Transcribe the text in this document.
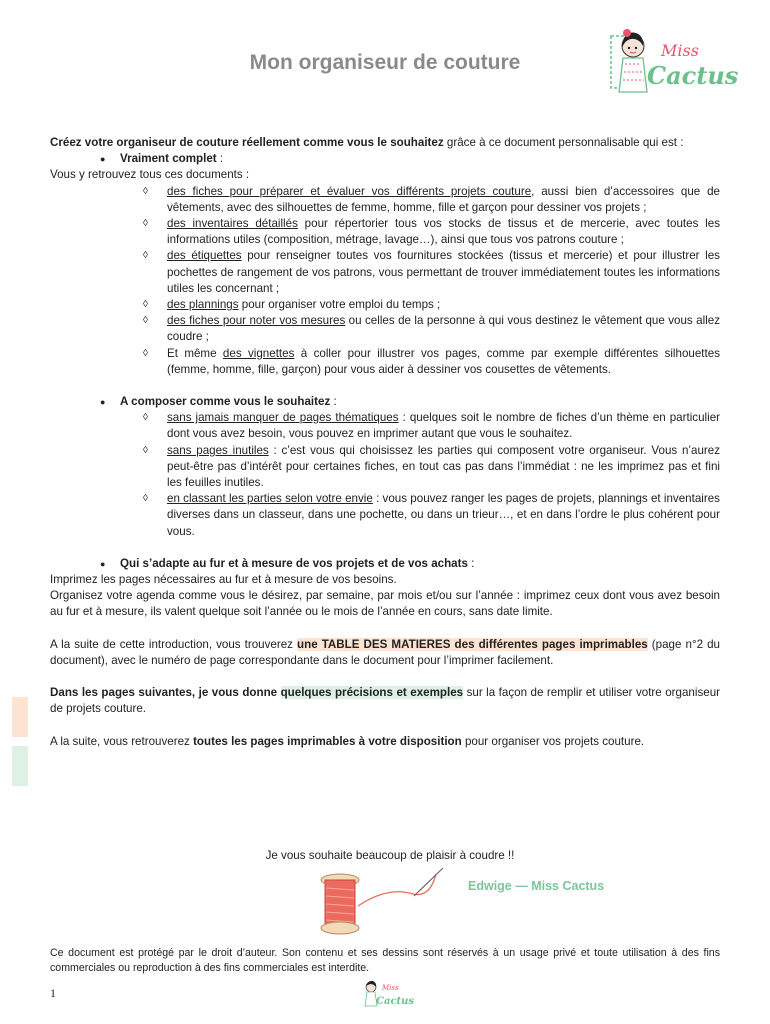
Mon organiseur de couture
Miss
Cactus

Créez votre organiseur de couture réellement comme vous le souhaitez grâce à ce document personnalisable qui est :

● Vraiment complet :

Vous y retrouvez tous ces documents :

◊ des fiches pour préparer et évaluer vos différents projets couture, aussi bien d’accessoires que de vêtements, avec des silhouettes de femme, homme, fille et garçon pour dessiner vos projets ;
◊ des inventaires détaillés pour répertorier tous vos stocks de tissus et de mercerie, avec toutes les informations utiles (composition, métrage, lavage…), ainsi que tous vos patrons couture ;
◊ des étiquettes pour renseigner toutes vos fournitures stockées (tissus et mercerie) et pour illustrer les pochettes de rangement de vos patrons, vous permettant de trouver immédiatement toutes les informations utiles les concernant ;
◊ des plannings pour organiser votre emploi du temps ;
◊ des fiches pour noter vos mesures ou celles de la personne à qui vous destinez le vêtement que vous allez coudre ;
◊ Et même des vignettes à coller pour illustrer vos pages, comme par exemple différentes silhouettes (femme, homme, fille, garçon) pour vous aider à dessiner vos cousettes de vêtements.
● A composer comme vous le souhaitez :
◊ sans jamais manquer de pages thématiques : quelques soit le nombre de fiches d’un thème en particulier dont vous avez besoin, vous pouvez en imprimer autant que vous le souhaitez.
◊ sans pages inutiles : c’est vous qui choisissez les parties qui composent votre organiseur. Vous n’aurez peut-être pas d’intérêt pour certaines fiches, en tout cas pas dans l’immédiat : ne les imprimez pas et fini les feuilles inutiles.
◊ en classant les parties selon votre envie : vous pouvez ranger les pages de projets, plannings et inventaires diverses dans un classeur, dans une pochette, ou dans un trieur…, et en dans l’ordre le plus cohérent pour vous.
● Qui s’adapte au fur et à mesure de vos projets et de vos achats :

Imprimez les pages nécessaires au fur et à mesure de vos besoins.

Organisez votre agenda comme vous le désirez, par semaine, par mois et/ou sur l’année : imprimez ceux dont vous avez besoin au fur et à mesure, ils valent quelque soit l’année ou le mois de l’année en cours, sans date limite.

A la suite de cette introduction, vous trouverez une TABLE DES MATIERES des différentes pages imprimables (page n°2 du document), avec le numéro de page correspondante dans le document pour l’imprimer facilement.

Dans les pages suivantes, je vous donne quelques précisions et exemples sur la façon de remplir et utiliser votre organiseur de projets couture.

A la suite, vous retrouverez toutes les pages imprimables à votre disposition pour organiser vos projets couture.

Je vous souhaite beaucoup de plaisir à coudre !!
Edwige — Miss Cactus

Ce document est protégé par le droit d’auteur. Son contenu et ses dessins sont réservés à un usage privé et toute utilisation à des fins commerciales ou reproduction à des fins commerciales est interdite.

1	Miss
Cactus
